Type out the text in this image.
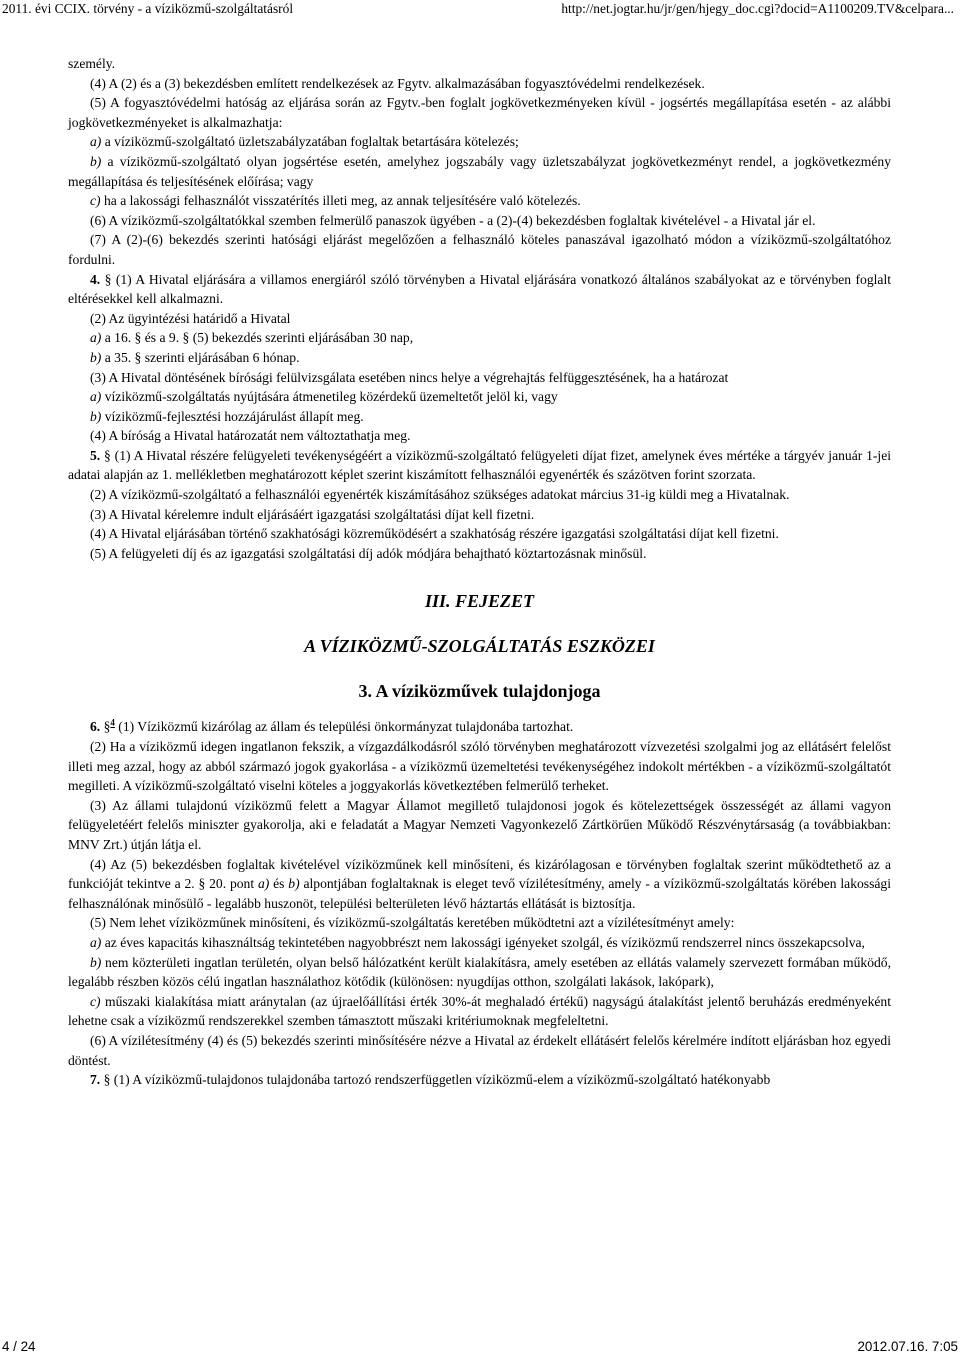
2011. évi CCIX. törvény - a víziközmű-szolgáltatásról	http://net.jogtar.hu/jr/gen/hjegy_doc.cgi?docid=A1100209.TV&celpara...

személy.

(4) A (2) és a (3) bekezdésben említett rendelkezések az Fgytv. alkalmazásában fogyasztóvédelmi rendelkezések.

(5) A fogyasztóvédelmi hatóság az eljárása során az Fgytv.-ben foglalt jogkövetkezményeken kívül - jogsértés megállapítása esetén - az alábbi jogkövetkezményeket is alkalmazhatja:

a) a víziközmű-szolgáltató üzletszabályzatában foglaltak betartására kötelezés;

b) a víziközmű-szolgáltató olyan jogsértése esetén, amelyhez jogszabály vagy üzletszabályzat jogkövetkezményt rendel, a jogkövetkezmény megállapítása és teljesítésének előírása; vagy

c) ha a lakossági felhasználót visszatérítés illeti meg, az annak teljesítésére való kötelezés.

(6) A víziközmű-szolgáltatókkal szemben felmerülő panaszok ügyében - a (2)-(4) bekezdésben foglaltak kivételével - a Hivatal jár el.

(7) A (2)-(6) bekezdés szerinti hatósági eljárást megelőzően a felhasználó köteles panaszával igazolható módon a víziközmű-szolgáltatóhoz fordulni.

4. § (1) A Hivatal eljárására a villamos energiáról szóló törvényben a Hivatal eljárására vonatkozó általános szabályokat az e törvényben foglalt eltérésekkel kell alkalmazni.

(2) Az ügyintézési határidő a Hivatal

a) a 16. § és a 9. § (5) bekezdés szerinti eljárásában 30 nap,

b) a 35. § szerinti eljárásában 6 hónap.

(3) A Hivatal döntésének bírósági felülvizsgálata esetében nincs helye a végrehajtás felfüggesztésének, ha a határozat

a) víziközmű-szolgáltatás nyújtására átmenetileg közérdekű üzemeltetőt jelöl ki, vagy

b) víziközmű-fejlesztési hozzájárulást állapít meg.

(4) A bíróság a Hivatal határozatát nem változtathatja meg.

5. § (1) A Hivatal részére felügyeleti tevékenységéért a víziközmű-szolgáltató felügyeleti díjat fizet, amelynek éves mértéke a tárgyév január 1-jei adatai alapján az 1. mellékletben meghatározott képlet szerint kiszámított felhasználói egyenérték és százötven forint szorzata.

(2) A víziközmű-szolgáltató a felhasználói egyenérték kiszámításához szükséges adatokat március 31-ig küldi meg a Hivatalnak.

(3) A Hivatal kérelemre indult eljárásáért igazgatási szolgáltatási díjat kell fizetni.

(4) A Hivatal eljárásában történő szakhatósági közreműködésért a szakhatóság részére igazgatási szolgáltatási díjat kell fizetni.

(5) A felügyeleti díj és az igazgatási szolgáltatási díj adók módjára behajtható köztartozásnak minősül.

III. FEJEZET

A VÍZIKÖZMŰ-SZOLGÁLTATÁS ESZKÖZEI

3. A víziközművek tulajdonjoga

6. §$^4$ (1) Víziközmű kizárólag az állam és települési önkormányzat tulajdonába tartozhat.

(2) Ha a víziközmű idegen ingatlanon fekszik, a vízgazdálkodásról szóló törvényben meghatározott vízvezetési szolgalmi jog az ellátásért felelőst illeti meg azzal, hogy az abból származó jogok gyakorlása - a víziközmű üzemeltetési tevékenységéhez indokolt mértékben - a víziközmű-szolgáltatót megilleti. A víziközmű-szolgáltató viselni köteles a joggyakorlás következtében felmerülő terheket.

(3) Az állami tulajdonú víziközmű felett a Magyar Államot megillető tulajdonosi jogok és kötelezettségek összességét az állami vagyon felügyeletéért felelős miniszter gyakorolja, aki e feladatát a Magyar Nemzeti Vagyonkezelő Zártkörűen Működő Részvénytársaság (a továbbiakban: MNV Zrt.) útján látja el.

(4) Az (5) bekezdésben foglaltak kivételével víziközműnek kell minősíteni, és kizárólagosan e törvényben foglaltak szerint működtethető az a funkcióját tekintve a 2. § 20. pont a) és b) alpontjában foglaltaknak is eleget tevő vízilétesítmény, amely - a víziközmű-szolgáltatás körében lakossági felhasználónak minősülő - legalább huszonöt, települési belterületen lévő háztartás ellátását is biztosítja.

(5) Nem lehet víziközműnek minősíteni, és víziközmű-szolgáltatás keretében működtetni azt a vízilétesítményt amely:

a) az éves kapacitás kihasználtság tekintetében nagyobbrészt nem lakossági igényeket szolgál, és víziközmű rendszerrel nincs összekapcsolva,

b) nem közterületi ingatlan területén, olyan belső hálózatként került kialakításra, amely esetében az ellátás valamely szervezett formában működő, legalább részben közös célú ingatlan használathoz kötődik (különösen: nyugdíjas otthon, szolgálati lakások, lakópark),

c) műszaki kialakítása miatt aránytalan (az újraelőállítási érték 30%-át meghaladó értékű) nagyságú átalakítást jelentő beruházás eredményeként lehetne csak a víziközmű rendszerekkel szemben támasztott műszaki kritériumoknak megfeleltetni.

(6) A vízilétesítmény (4) és (5) bekezdés szerinti minősítésére nézve a Hivatal az érdekelt ellátásért felelős kérelmére indított eljárásban hoz egyedi döntést.

7. § (1) A víziközmű-tulajdonos tulajdonába tartozó rendszerfüggetlen víziközmű-elem a víziközmű-szolgáltató hatékonyabb

4 / 24	2012.07.16. 7:05
